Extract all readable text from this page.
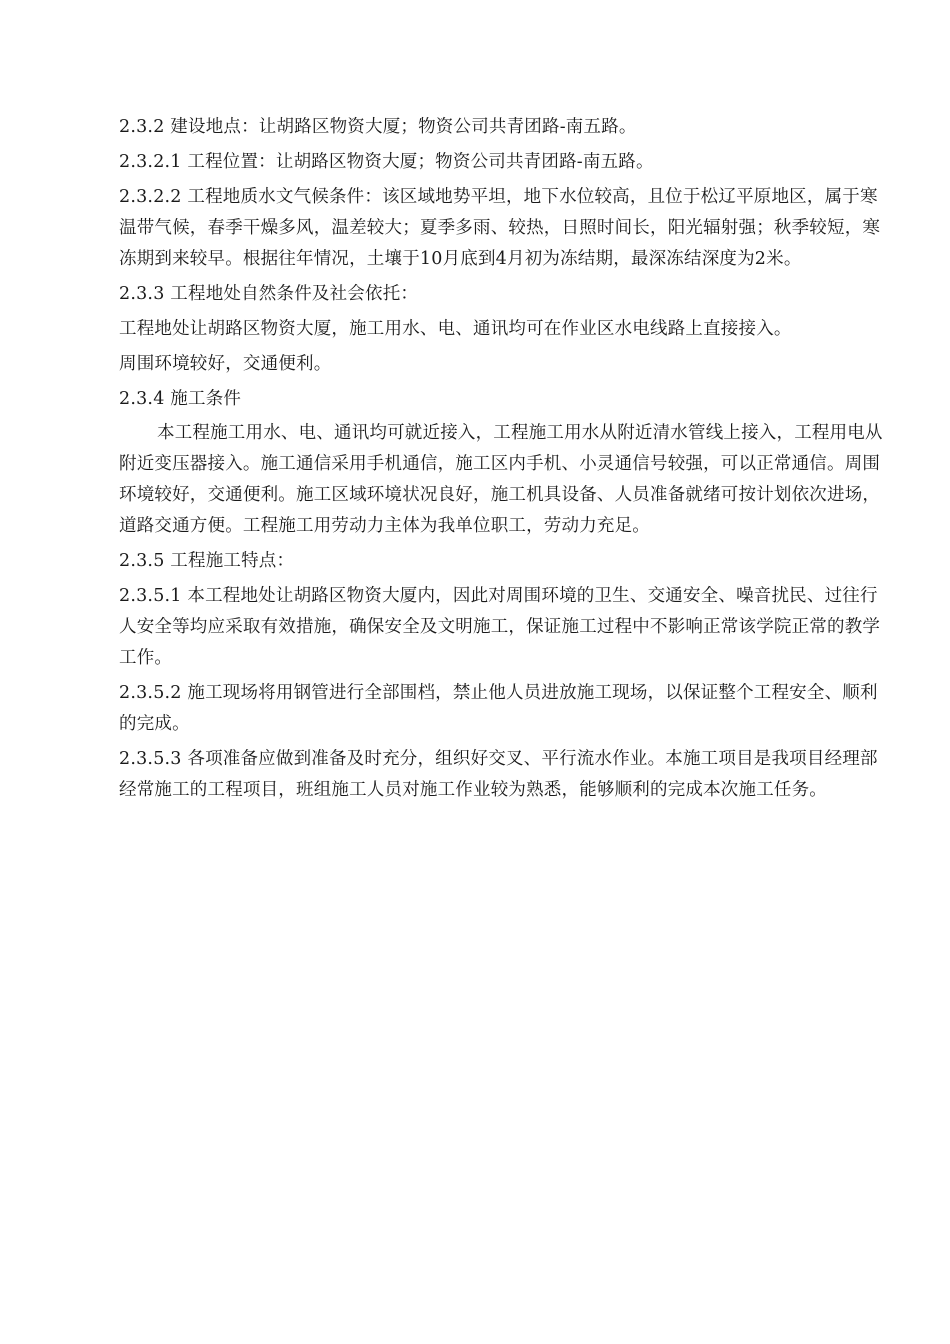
2.3.2 建设地点：让胡路区物资大厦；物资公司共青团路-南五路。

2.3.2.1 工程位置：让胡路区物资大厦；物资公司共青团路-南五路。

2.3.2.2 工程地质水文气候条件：该区域地势平坦，地下水位较高，且位于松辽平原地区，属于寒温带气候，春季干燥多风，温差较大；夏季多雨、较热，日照时间长，阳光辐射强；秋季较短，寒冻期到来较早。根据往年情况，土壤于10月底到4月初为冻结期，最深冻结深度为2米。

2.3.3 工程地处自然条件及社会依托：

工程地处让胡路区物资大厦，施工用水、电、通讯均可在作业区水电线路上直接接入。

周围环境较好，交通便利。

2.3.4 施工条件

本工程施工用水、电、通讯均可就近接入，工程施工用水从附近清水管线上接入，工程用电从附近变压器接入。施工通信采用手机通信，施工区内手机、小灵通信号较强，可以正常通信。周围环境较好，交通便利。施工区域环境状况良好，施工机具设备、人员准备就绪可按计划依次进场，道路交通方便。工程施工用劳动力主体为我单位职工，劳动力充足。

2.3.5 工程施工特点：

2.3.5.1 本工程地处让胡路区物资大厦内，因此对周围环境的卫生、交通安全、噪音扰民、过往行人安全等均应采取有效措施，确保安全及文明施工，保证施工过程中不影响正常该学院正常的教学工作。

2.3.5.2 施工现场将用钢管进行全部围档，禁止他人员进放施工现场，以保证整个工程安全、顺利的完成。

2.3.5.3 各项准备应做到准备及时充分，组织好交叉、平行流水作业。本施工项目是我项目经理部经常施工的工程项目，班组施工人员对施工作业较为熟悉，能够顺利的完成本次施工任务。
